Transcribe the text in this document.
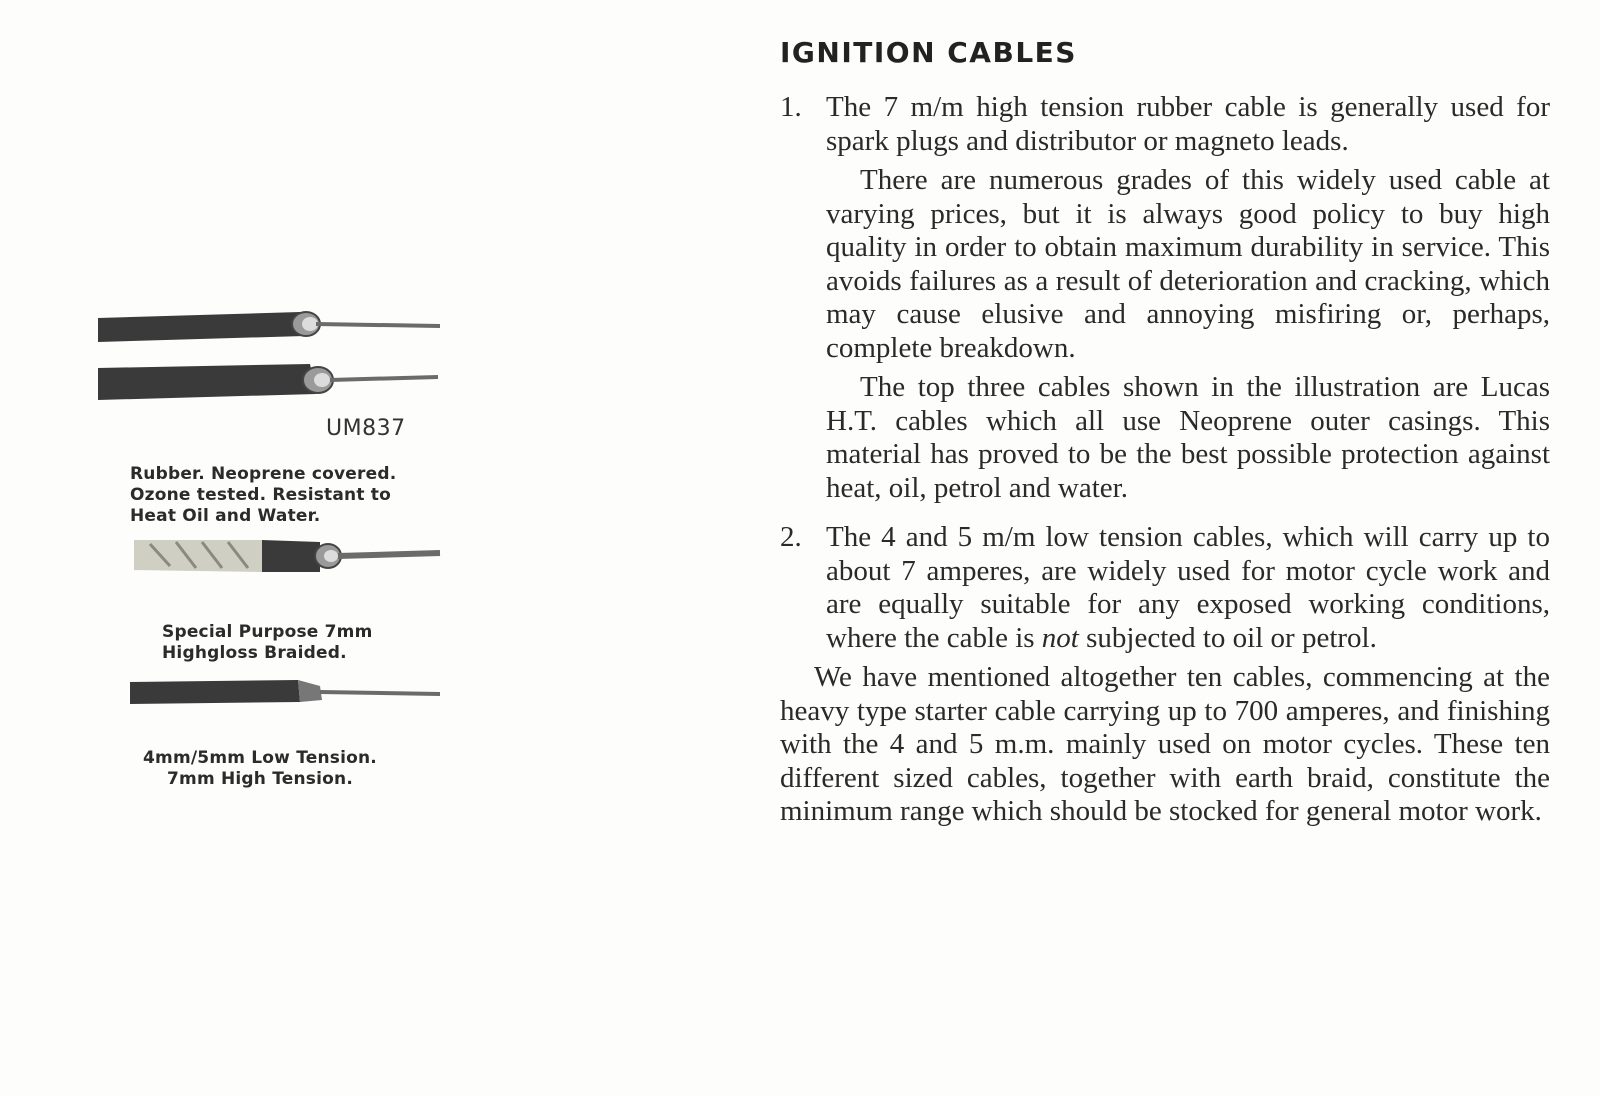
UM837
Rubber. Neoprene covered.
Ozone tested. Resistant to
Heat Oil and Water.
Special Purpose 7mm
Highgloss Braided.
4mm/5mm Low Tension.
7mm High Tension.
IGNITION CABLES
1. The 7 m/m high tension rubber cable is generally used for spark plugs and distributor or magneto leads.

There are numerous grades of this widely used cable at varying prices, but it is always good policy to buy high quality in order to obtain maximum durability in service. This avoids failures as a result of deterioration and cracking, which may cause elusive and annoying misfiring or, perhaps, complete breakdown.

The top three cables shown in the illustration are Lucas H.T. cables which all use Neoprene outer casings. This material has proved to be the best possible protection against heat, oil, petrol and water.

2. The 4 and 5 m/m low tension cables, which will carry up to about 7 amperes, are widely used for motor cycle work and are equally suitable for any exposed working conditions, where the cable is not subjected to oil or petrol.

We have mentioned altogether ten cables, commencing at the heavy type starter cable carrying up to 700 amperes, and finishing with the 4 and 5 m.m. mainly used on motor cycles. These ten different sized cables, together with earth braid, constitute the minimum range which should be stocked for general motor work.
